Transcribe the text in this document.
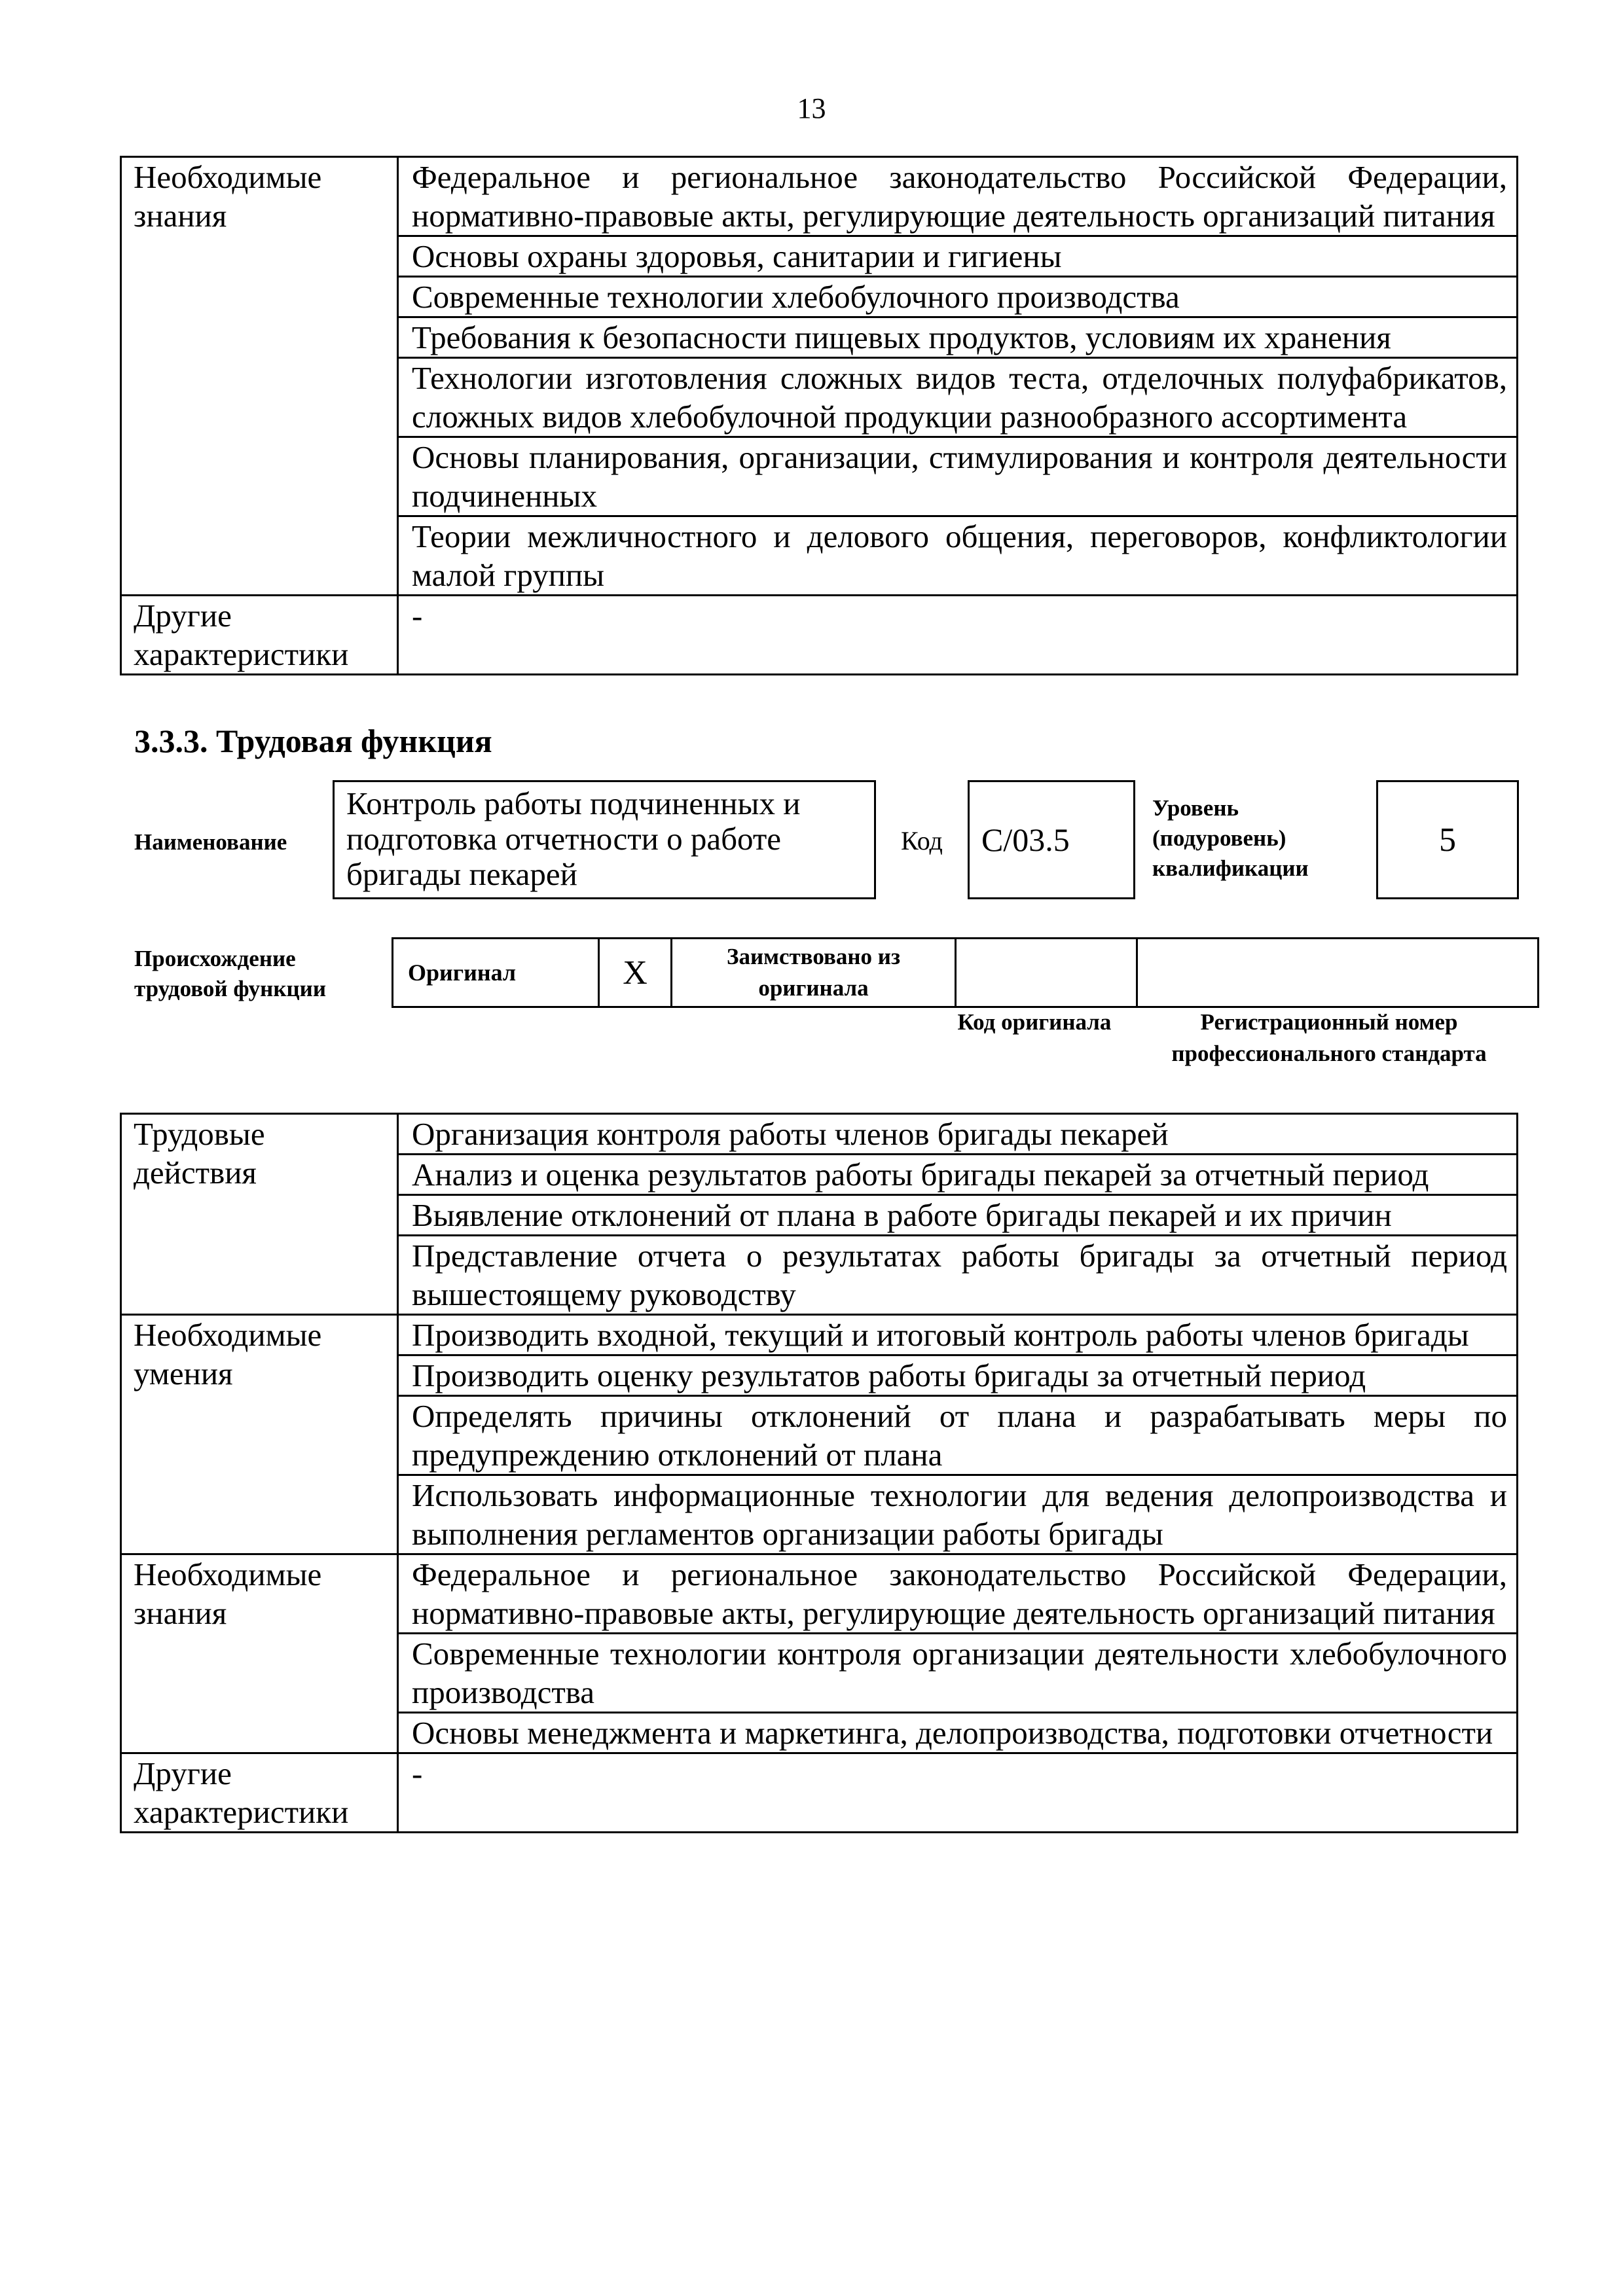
13
Необходимые знания	Федеральное и региональное законодательство Российской Федерации, нормативно-правовые акты, регулирующие деятельность организаций питания
	Основы охраны здоровья, санитарии и гигиены
	Современные технологии хлебобулочного производства
	Требования к безопасности пищевых продуктов, условиям их хранения
	Технологии изготовления сложных видов теста, отделочных полуфабрикатов, сложных видов хлебобулочной продукции разнообразного ассортимента
	Основы планирования, организации, стимулирования и контроля деятельности подчиненных
	Теории межличностного и делового общения, переговоров, конфликтологии малой группы
Другие характеристики	-
3.3.3. Трудовая функция
Наименование
Контроль работы подчиненных и подготовка отчетности о работе бригады пекарей
Код	С/03.5
Уровень (подуровень) квалификации
5
Происхождение трудовой функции
Оригинал	X	Заимствовано из оригинала		
Код оригинала	Регистрационный номер профессионального стандарта
Трудовые действия	Организация контроля работы членов бригады пекарей
	Анализ и оценка результатов работы бригады пекарей за отчетный период
	Выявление отклонений от плана в работе бригады пекарей и их причин
	Представление отчета о результатах работы бригады за отчетный период вышестоящему руководству
Необходимые умения	Производить входной, текущий и итоговый контроль работы членов бригады
	Производить оценку результатов работы бригады за отчетный период
	Определять причины отклонений от плана и разрабатывать меры по предупреждению отклонений от плана
	Использовать информационные технологии для ведения делопроизводства и выполнения регламентов организации работы бригады
Необходимые знания	Федеральное и региональное законодательство Российской Федерации, нормативно-правовые акты, регулирующие деятельность организаций питания
	Современные технологии контроля организации деятельности хлебобулочного производства
	Основы менеджмента и маркетинга, делопроизводства, подготовки отчетности
Другие характеристики	-
